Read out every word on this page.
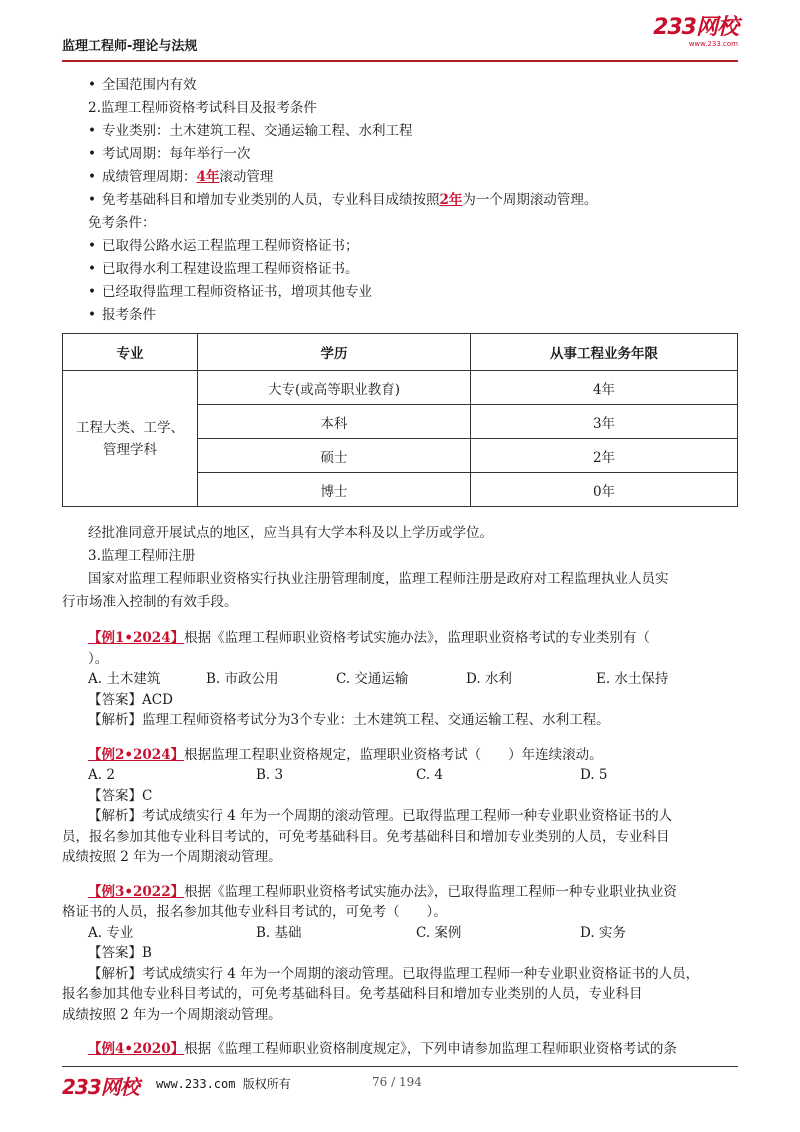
监理工程师-理论与法规
233网校
www.233.com
• 全国范围内有效
2.监理工程师资格考试科目及报考条件
• 专业类别：土木建筑工程、交通运输工程、水利工程
• 考试周期：每年举行一次
• 成绩管理周期：4年滚动管理
• 免考基础科目和增加专业类别的人员，专业科目成绩按照2年为一个周期滚动管理。
免考条件：
• 已取得公路水运工程监理工程师资格证书；
• 已取得水利工程建设监理工程师资格证书。
• 已经取得监理工程师资格证书，增项其他专业
• 报考条件
专业	学历	从事工程业务年限

工程大类、工学、
管理学科	大专(或高等职业教育)	4年
	本科	3年
	硕士	2年
	博士	0年
经批准同意开展试点的地区，应当具有大学本科及以上学历或学位。
3.监理工程师注册
国家对监理工程师职业资格实行执业注册管理制度，监理工程师注册是政府对工程监理执业人员实
行市场准入控制的有效手段。
【例1•2024】根据《监理工程师职业资格考试实施办法》，监理职业资格考试的专业类别有（
）。
A. 土木建筑	B. 市政公用	C. 交通运输	D. 水利	E. 水土保持
【答案】ACD
【解析】监理工程师资格考试分为3个专业：土木建筑工程、交通运输工程、水利工程。
【例2•2024】根据监理工程职业资格规定，监理职业资格考试（　　）年连续滚动。
A. 2	B. 3	C. 4	D. 5
【答案】C
【解析】考试成绩实行 4 年为一个周期的滚动管理。已取得监理工程师一种专业职业资格证书的人
员，报名参加其他专业科目考试的，可免考基础科目。免考基础科目和增加专业类别的人员，专业科目
成绩按照 2 年为一个周期滚动管理。
【例3•2022】根据《监理工程师职业资格考试实施办法》，已取得监理工程师一种专业职业执业资
格证书的人员，报名参加其他专业科目考试的，可免考（　　）。
A. 专业	B. 基础	C. 案例	D. 实务
【答案】B
【解析】考试成绩实行 4 年为一个周期的滚动管理。已取得监理工程师一种专业职业资格证书的人员，
报名参加其他专业科目考试的，可免考基础科目。免考基础科目和增加专业类别的人员，专业科目
成绩按照 2 年为一个周期滚动管理。
【例4•2020】根据《监理工程师职业资格制度规定》，下列申请参加监理工程师职业资格考试的条
233网校 www.233.com 版权所有	76 / 194
